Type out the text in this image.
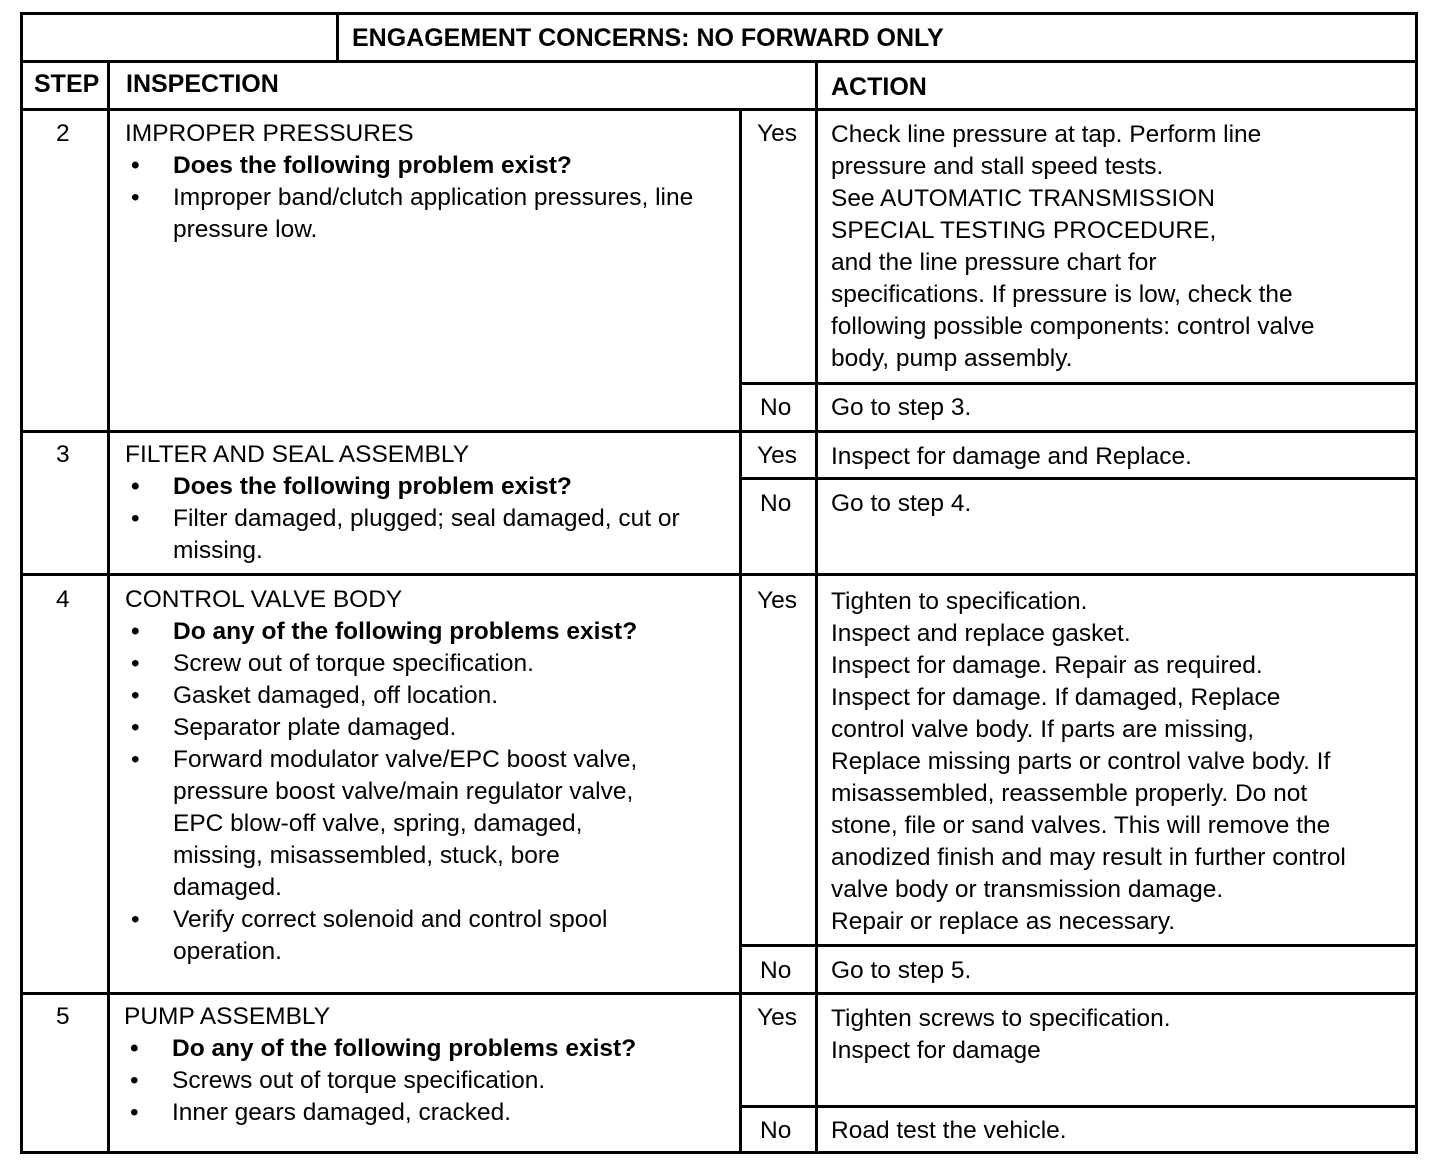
ENGAGEMENT CONCERNS: NO FORWARD ONLY
STEP INSPECTION	ACTION
2 IMPROPER PRESSURES
• Does the following problem exist?
• Improper band/clutch application pressures, line pressure low.
Yes Check line pressure at tap. Perform line

pressure and stall speed tests.

See AUTOMATIC TRANSMISSION

SPECIAL TESTING PROCEDURE,

and the line pressure chart for

specifications. If pressure is low, check the

following possible components: control valve

body, pump assembly.

No Go to step 3.
3 FILTER AND SEAL ASSEMBLY
• Does the following problem exist?
• Filter damaged, plugged; seal damaged, cut or missing.
Yes Inspect for damage and Replace.

No Go to step 4.
4 CONTROL VALVE BODY
• Do any of the following problems exist?
• Screw out of torque specification.
• Gasket damaged, off location.
• Separator plate damaged.
• Forward modulator valve/EPC boost valve, pressure boost valve/main regulator valve, EPC blow-off valve, spring, damaged, missing, misassembled, stuck, bore damaged.
• Verify correct solenoid and control spool operation.
Yes Tighten to specification.

Inspect and replace gasket.

Inspect for damage. Repair as required.

Inspect for damage. If damaged, Replace

control valve body. If parts are missing,

Replace missing parts or control valve body. If

misassembled, reassemble properly. Do not

stone, file or sand valves. This will remove the

anodized finish and may result in further control

valve body or transmission damage.

Repair or replace as necessary.

No Go to step 5.
5 PUMP ASSEMBLY
• Do any of the following problems exist?
• Screws out of torque specification.
• Inner gears damaged, cracked.
Yes Tighten screws to specification.

Inspect for damage

No Road test the vehicle.
